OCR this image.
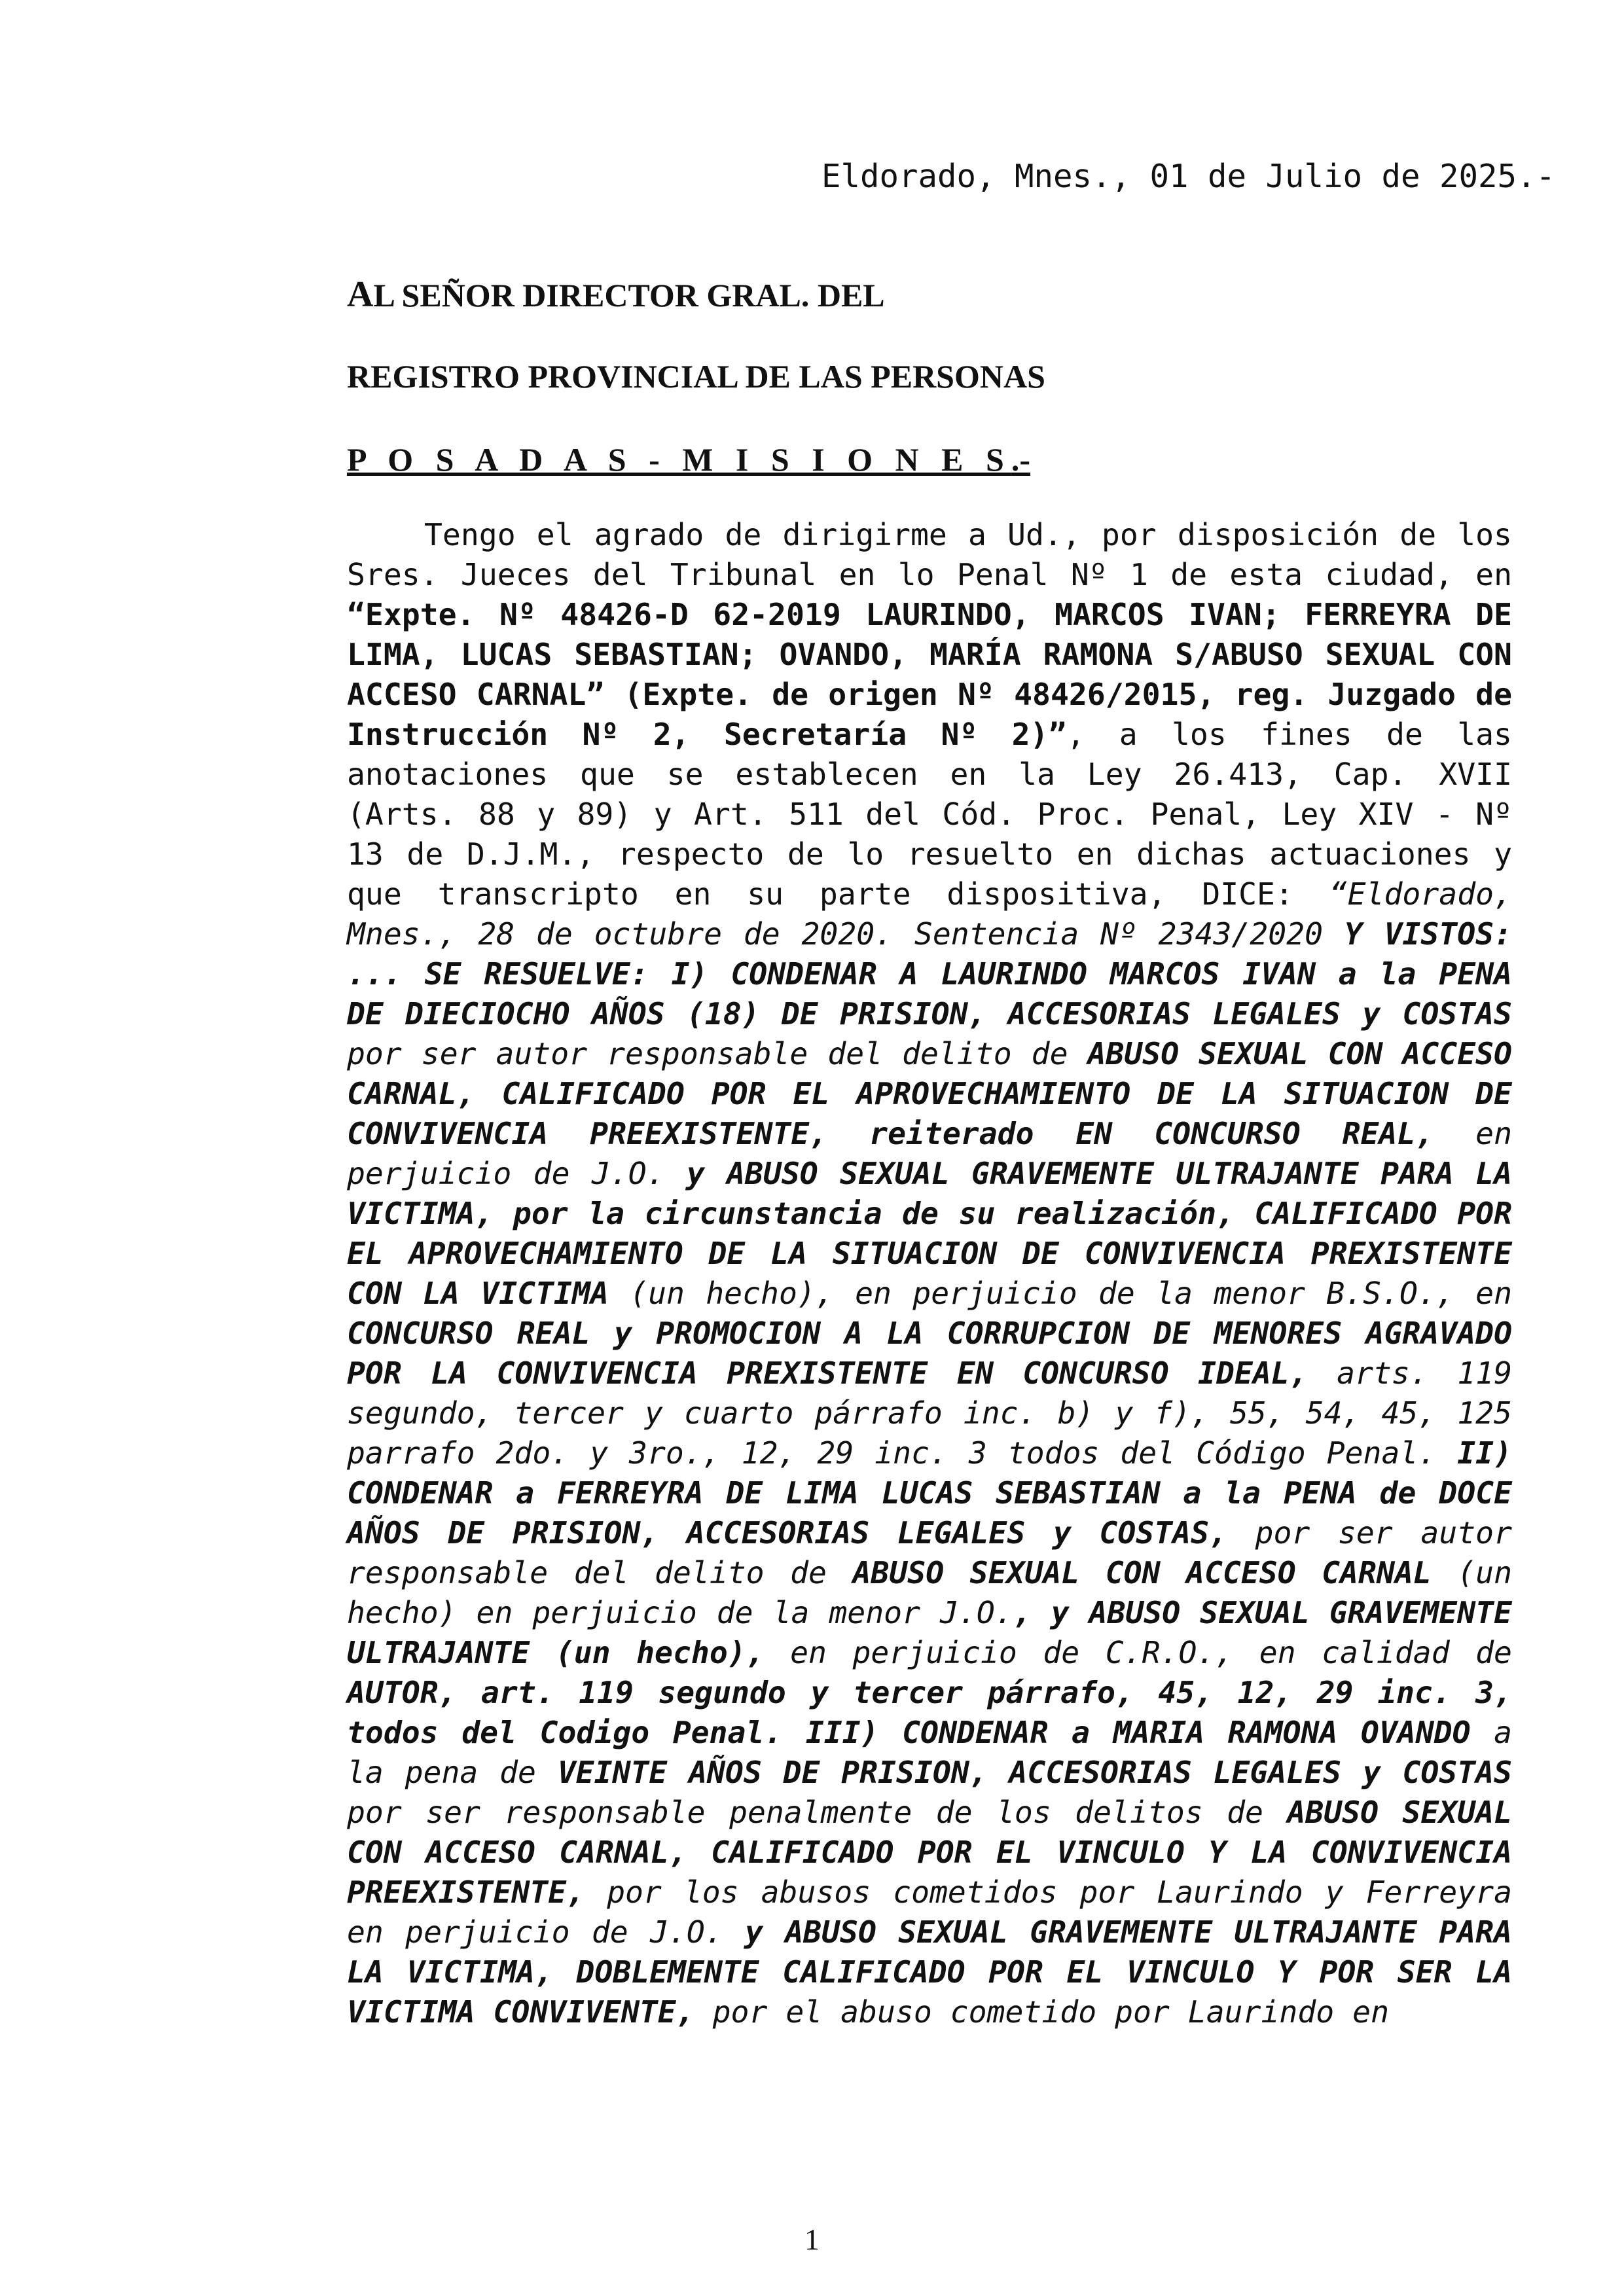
Eldorado, Mnes., 01 de Julio de 2025.-
AL SEÑOR DIRECTOR GRAL. DEL
REGISTRO PROVINCIAL DE LAS PERSONAS
P O S A D A S - M I S I O N E S.-

Tengo el agrado de dirigirme a Ud., por disposición de los Sres. Jueces del Tribunal en lo Penal Nº 1 de esta ciudad, en “Expte. Nº 48426-D 62-2019 LAURINDO, MARCOS IVAN; FERREYRA DE LIMA, LUCAS SEBASTIAN; OVANDO, MARÍA RAMONA S/ABUSO SEXUAL CON ACCESO CARNAL” (Expte. de origen Nº 48426/2015, reg. Juzgado de Instrucción Nº 2, Secretaría Nº 2)”, a los fines de las anotaciones que se establecen en la Ley 26.413, Cap. XVII (Arts. 88 y 89) y Art. 511 del Cód. Proc. Penal, Ley XIV - Nº 13 de D.J.M., respecto de lo resuelto en dichas actuaciones y que transcripto en su parte dispositiva, DICE: “Eldorado, Mnes., 28 de octubre de 2020. Sentencia Nº 2343/2020 Y VISTOS: ... SE RESUELVE: I) CONDENAR A LAURINDO MARCOS IVAN a la PENA DE DIECIOCHO AÑOS (18) DE PRISION, ACCESORIAS LEGALES y COSTAS por ser autor responsable del delito de ABUSO SEXUAL CON ACCESO CARNAL, CALIFICADO POR EL APROVECHAMIENTO DE LA SITUACION DE CONVIVENCIA PREEXISTENTE, reiterado EN CONCURSO REAL, en perjuicio de J.O. y ABUSO SEXUAL GRAVEMENTE ULTRAJANTE PARA LA VICTIMA, por la circunstancia de su realización, CALIFICADO POR EL APROVECHAMIENTO DE LA SITUACION DE CONVIVENCIA PREXISTENTE CON LA VICTIMA (un hecho), en perjuicio de la menor B.S.O., en CONCURSO REAL y PROMOCION A LA CORRUPCION DE MENORES AGRAVADO POR LA CONVIVENCIA PREXISTENTE EN CONCURSO IDEAL, arts. 119 segundo, tercer y cuarto párrafo inc. b) y f), 55, 54, 45, 125 parrafo 2do. y 3ro., 12, 29 inc. 3 todos del Código Penal. II) CONDENAR a FERREYRA DE LIMA LUCAS SEBASTIAN a la PENA de DOCE AÑOS DE PRISION, ACCESORIAS LEGALES y COSTAS, por ser autor responsable del delito de ABUSO SEXUAL CON ACCESO CARNAL (un hecho) en perjuicio de la menor J.O., y ABUSO SEXUAL GRAVEMENTE ULTRAJANTE (un hecho), en perjuicio de C.R.O., en calidad de AUTOR, art. 119 segundo y tercer párrafo, 45, 12, 29 inc. 3, todos del Codigo Penal. III) CONDENAR a MARIA RAMONA OVANDO a la pena de VEINTE AÑOS DE PRISION, ACCESORIAS LEGALES y COSTAS por ser responsable penalmente de los delitos de ABUSO SEXUAL CON ACCESO CARNAL, CALIFICADO POR EL VINCULO Y LA CONVIVENCIA PREEXISTENTE, por los abusos cometidos por Laurindo y Ferreyra en perjuicio de J.O. y ABUSO SEXUAL GRAVEMENTE ULTRAJANTE PARA LA VICTIMA, DOBLEMENTE CALIFICADO POR EL VINCULO Y POR SER LA VICTIMA CONVIVENTE, por el abuso cometido por Laurindo en

1
